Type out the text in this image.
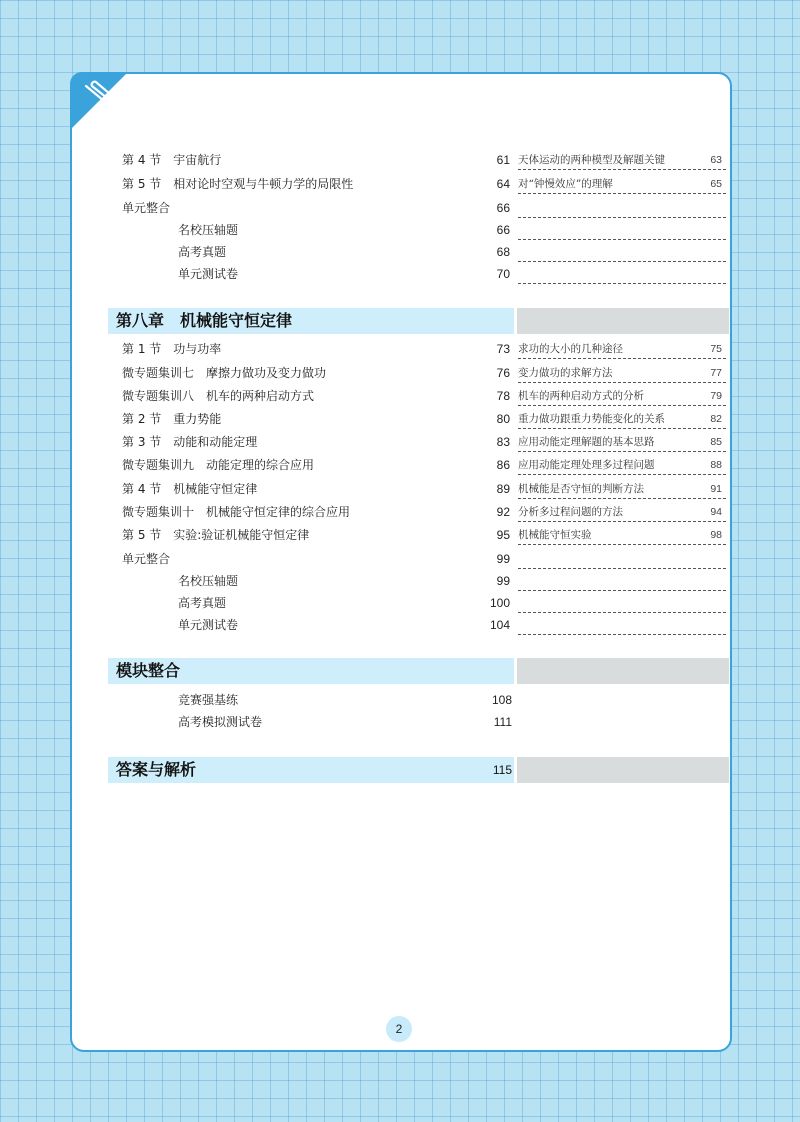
第 4 节　宇宙航行	61 天体运动的两种模型及解题关键	63
第 5 节　相对论时空观与牛顿力学的局限性	64 对“钟慢效应”的理解	65
单元整合	66
名校压轴题	66
高考真题	68
单元测试卷	70
第八章　机械能守恒定律
第 1 节　功与功率	73 求功的大小的几种途径	75
微专题集训七　摩擦力做功及变力做功	76 变力做功的求解方法	77
微专题集训八　机车的两种启动方式	78 机车的两种启动方式的分析	79
第 2 节　重力势能	80 重力做功跟重力势能变化的关系	82
第 3 节　动能和动能定理	83 应用动能定理解题的基本思路	85
微专题集训九　动能定理的综合应用	86 应用动能定理处理多过程问题	88
第 4 节　机械能守恒定律	89 机械能是否守恒的判断方法	91
微专题集训十　机械能守恒定律的综合应用	92 分析多过程问题的方法	94
第 5 节　实验:验证机械能守恒定律	95 机械能守恒实验	98
单元整合	99
名校压轴题	99
高考真题	100
单元测试卷	104
模块整合
竞赛强基练	108
高考模拟测试卷	111
答案与解析	115
2
